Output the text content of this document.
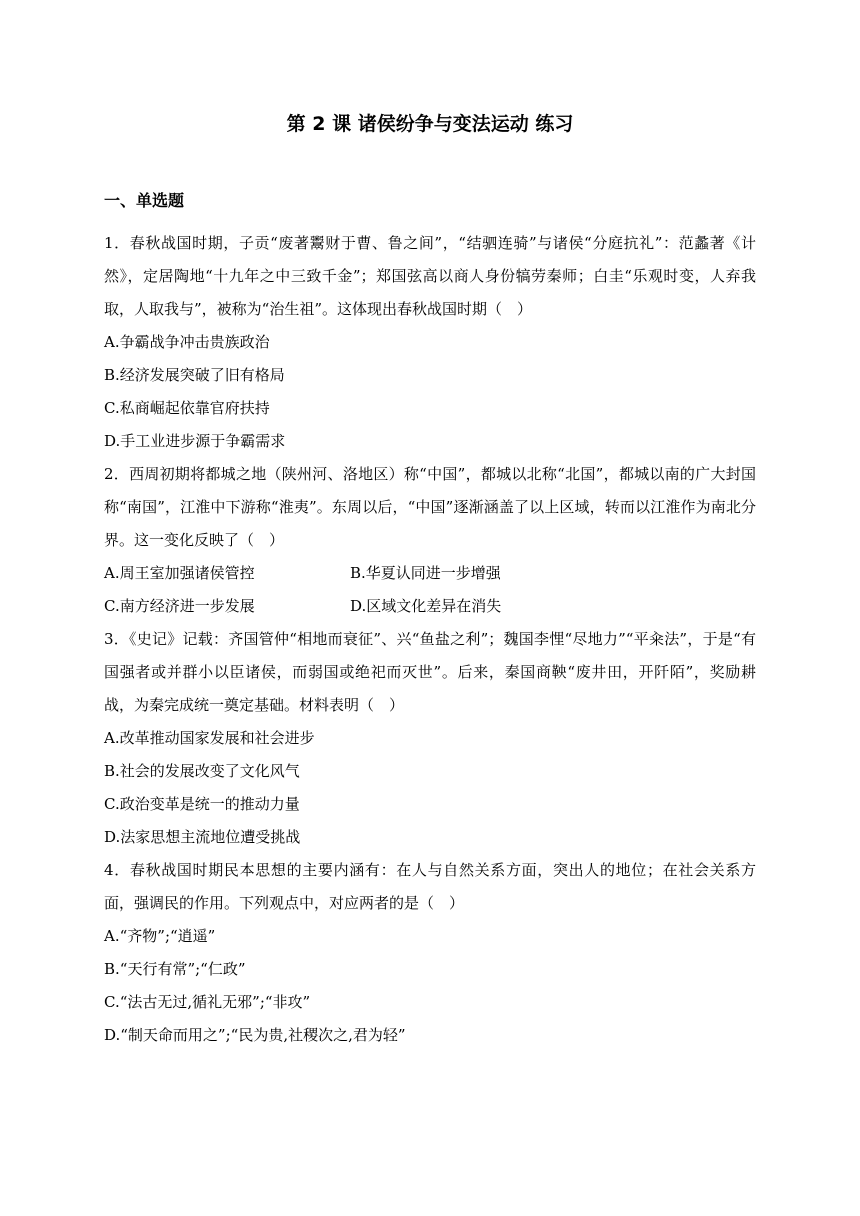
第 2 课 诸侯纷争与变法运动 练习
一、单选题
1．春秋战国时期，子贡“废著鬻财于曹、鲁之间”，“结驷连骑”与诸侯“分庭抗礼”：范蠡著《计然》，定居陶地“十九年之中三致千金”；郑国弦高以商人身份犒劳秦师；白圭“乐观时变，人弃我取，人取我与”，被称为“治生祖”。这体现出春秋战国时期（　）
A.争霸战争冲击贵族政治
B.经济发展突破了旧有格局
C.私商崛起依靠官府扶持
D.手工业进步源于争霸需求
2．西周初期将都城之地（陕州河、洛地区）称“中国”，都城以北称“北国”，都城以南的广大封国称“南国”，江淮中下游称“淮夷”。东周以后，“中国”逐渐涵盖了以上区域，转而以江淮作为南北分界。这一变化反映了（　）
A.周王室加强诸侯管控	B.华夏认同进一步增强
C.南方经济进一步发展	D.区域文化差异在消失
3．《史记》记载：齐国管仲“相地而衰征”、兴“鱼盐之利”；魏国李悝“尽地力”“平籴法”，于是“有国强者或并群小以臣诸侯，而弱国或绝祀而灭世”。后来，秦国商鞅“废井田，开阡陌”，奖励耕战，为秦完成统一奠定基础。材料表明（　）
A.改革推动国家发展和社会进步
B.社会的发展改变了文化风气
C.政治变革是统一的推动力量
D.法家思想主流地位遭受挑战
4．春秋战国时期民本思想的主要内涵有：在人与自然关系方面，突出人的地位；在社会关系方面，强调民的作用。下列观点中，对应两者的是（　）
A.“齐物”;“逍遥”
B.“天行有常”;“仁政”
C.“法古无过,循礼无邪”;“非攻”
D.“制天命而用之”;“民为贵,社稷次之,君为轻”
